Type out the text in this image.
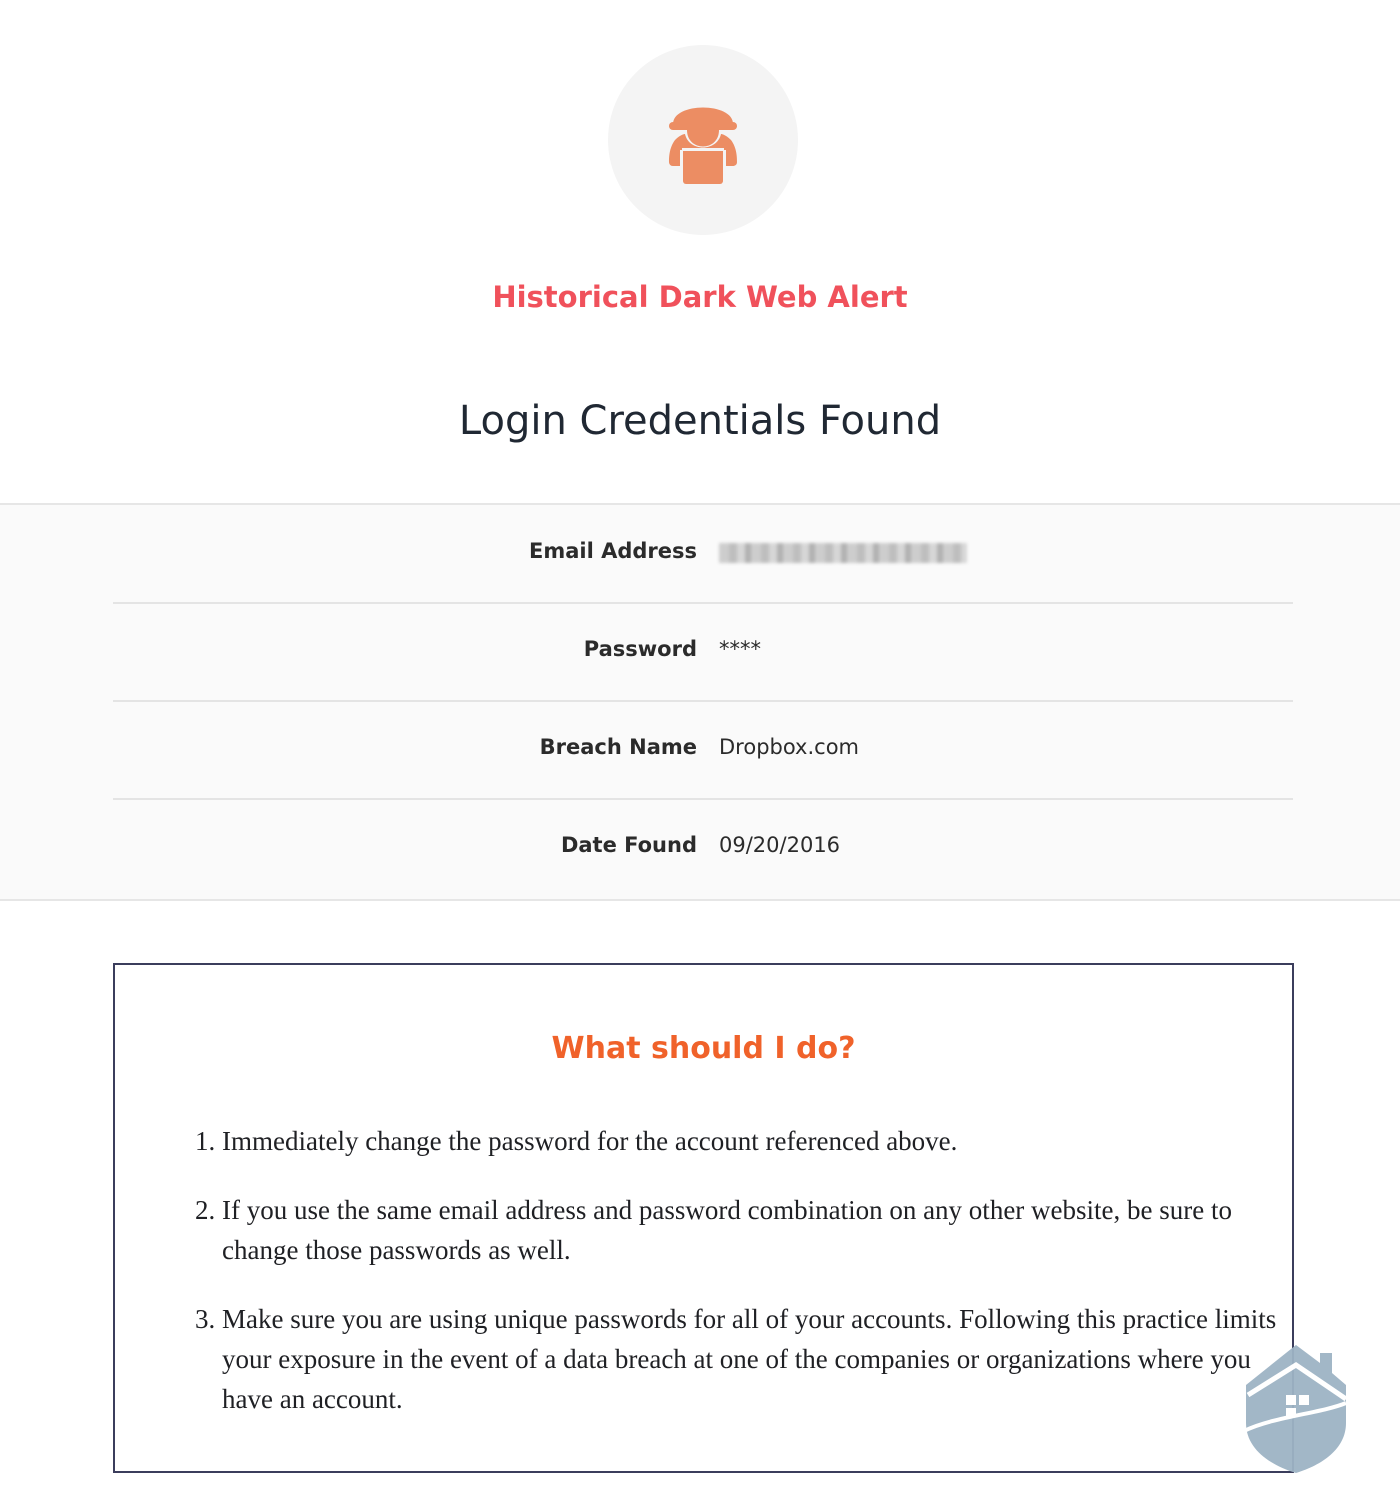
Historical Dark Web Alert
Login Credentials Found
Email Address
Password ****
Breach Name Dropbox.com
Date Found 09/20/2016
What should I do?
1. Immediately change the password for the account referenced above.
2. If you use the same email address and password combination on any other website, be sure to change those passwords as well.
3. Make sure you are using unique passwords for all of your accounts. Following this practice limits your exposure in the event of a data breach at one of the companies or organizations where you have an account.
